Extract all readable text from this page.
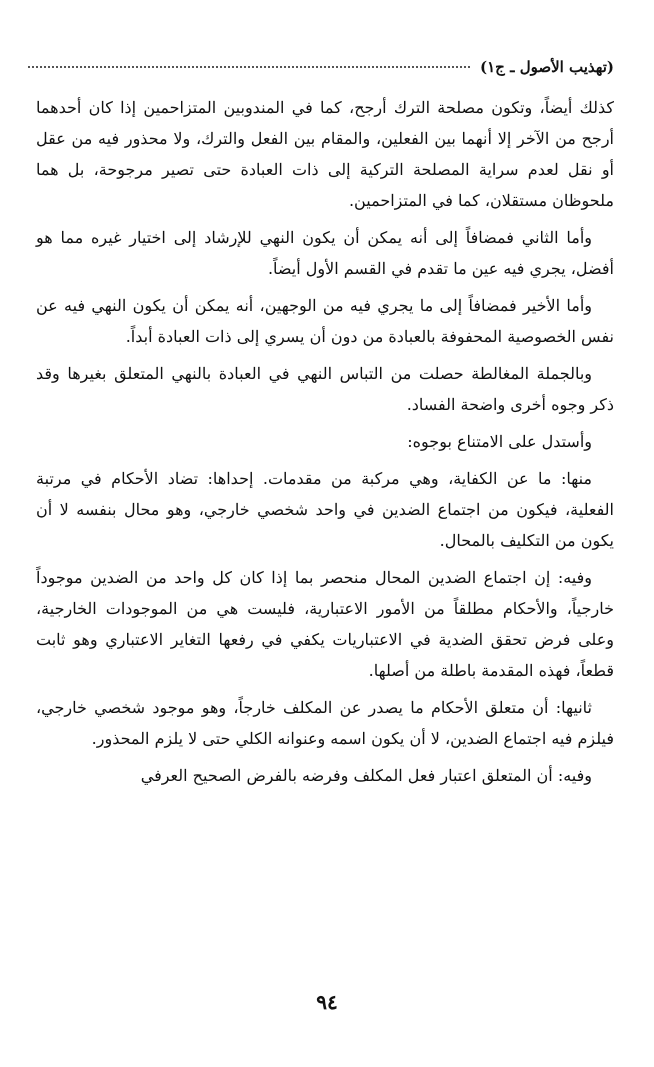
(تهذيب الأصول ـ ج١)

كذلك أيضاً، وتكون مصلحة الترك أرجح، كما في المندوبين المتزاحمين إذا كان أحدهما أرجح من الآخر إلا أنهما بين الفعلين، والمقام بين الفعل والترك، ولا محذور فيه من عقل أو نقل لعدم سراية المصلحة التركية إلى ذات العبادة حتى تصير مرجوحة، بل هما ملحوظان مستقلان، كما في المتزاحمين.

وأما الثاني فمضافاً إلى أنه يمكن أن يكون النهي للإرشاد إلى اختيار غيره مما هو أفضل، يجري فيه عين ما تقدم في القسم الأول أيضاً.

وأما الأخير فمضافاً إلى ما يجري فيه من الوجهين، أنه يمكن أن يكون النهي فيه عن نفس الخصوصية المحفوفة بالعبادة من دون أن يسري إلى ذات العبادة أبداً.

وبالجملة المغالطة حصلت من التباس النهي في العبادة بالنهي المتعلق بغيرها وقد ذكر وجوه أخرى واضحة الفساد.

وأستدل على الامتناع بوجوه:

منها: ما عن الكفاية، وهي مركبة من مقدمات. إحداها: تضاد الأحكام في مرتبة الفعلية، فيكون من اجتماع الضدين في واحد شخصي خارجي، وهو محال بنفسه لا أن يكون من التكليف بالمحال.

وفيه: إن اجتماع الضدين المحال منحصر بما إذا كان كل واحد من الضدين موجوداً خارجياً، والأحكام مطلقاً من الأمور الاعتبارية، فليست هي من الموجودات الخارجية، وعلى فرض تحقق الضدية في الاعتباريات يكفي في رفعها التغاير الاعتباري وهو ثابت قطعاً، فهذه المقدمة باطلة من أصلها.

ثانيها: أن متعلق الأحكام ما يصدر عن المكلف خارجاً، وهو موجود شخصي خارجي، فيلزم فيه اجتماع الضدين، لا أن يكون اسمه وعنوانه الكلي حتى لا يلزم المحذور.

وفيه: أن المتعلق اعتبار فعل المكلف وفرضه بالفرض الصحيح العرفي

٩٤
